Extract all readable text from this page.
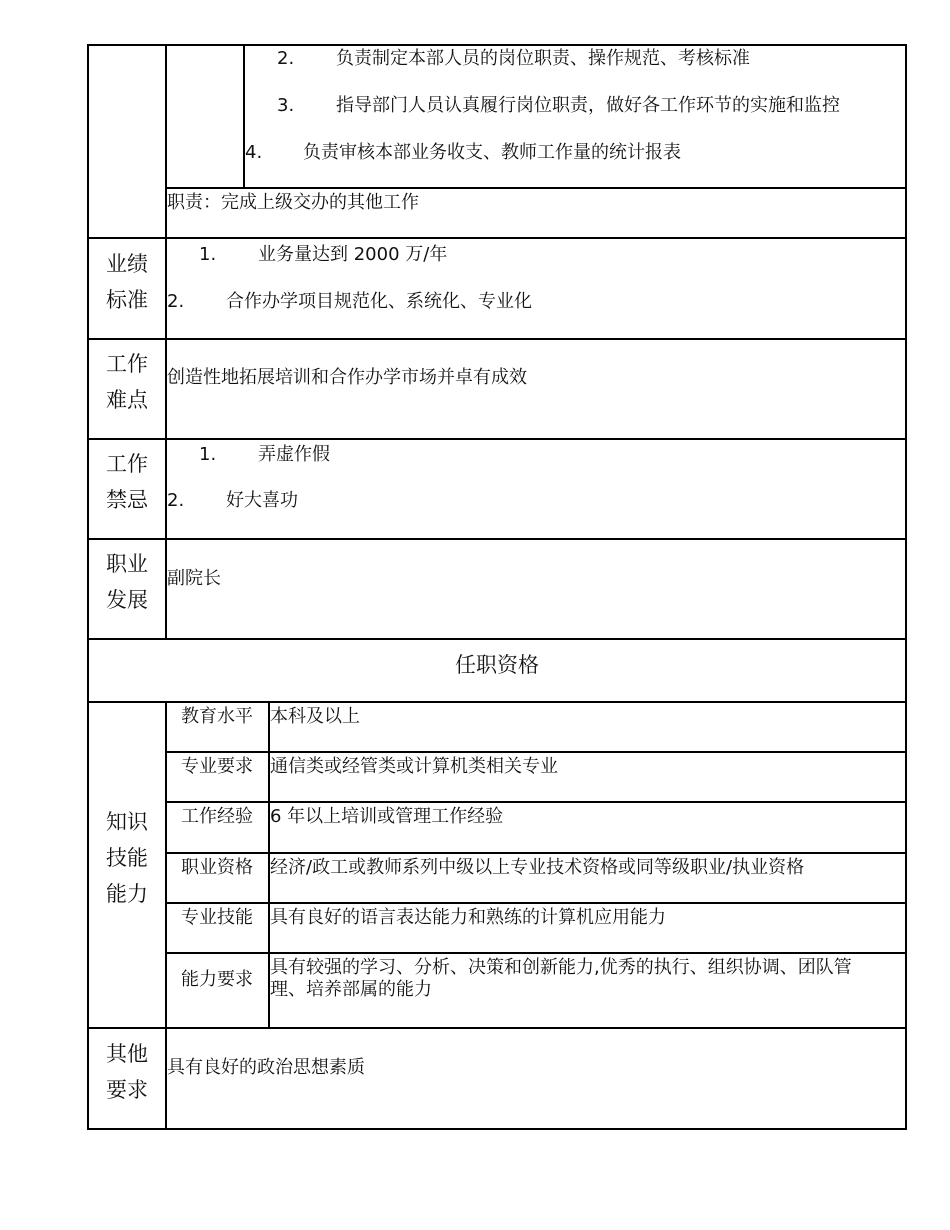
2. 负责制定本部人员的岗位职责、操作规范、考核标准
3. 指导部门人员认真履行岗位职责，做好各工作环节的实施和监控
4. 负责审核本部业务收支、教师工作量的统计报表
职责：完成上级交办的其他工作
业绩
标准
1. 业务量达到 2000 万/年
2. 合作办学项目规范化、系统化、专业化
工作
难点
创造性地拓展培训和合作办学市场并卓有成效
工作
禁忌
1. 弄虚作假
2. 好大喜功
职业
发展
副院长
任职资格
知识
技能
能力
教育水平 本科及以上
专业要求 通信类或经管类或计算机类相关专业
工作经验 6 年以上培训或管理工作经验
职业资格 经济/政工或教师系列中级以上专业技术资格或同等级职业/执业资格
专业技能 具有良好的语言表达能力和熟练的计算机应用能力
能力要求
具有较强的学习、分析、决策和创新能力,优秀的执行、组织协调、团队管理、培养部属的能力
其他
要求
具有良好的政治思想素质
